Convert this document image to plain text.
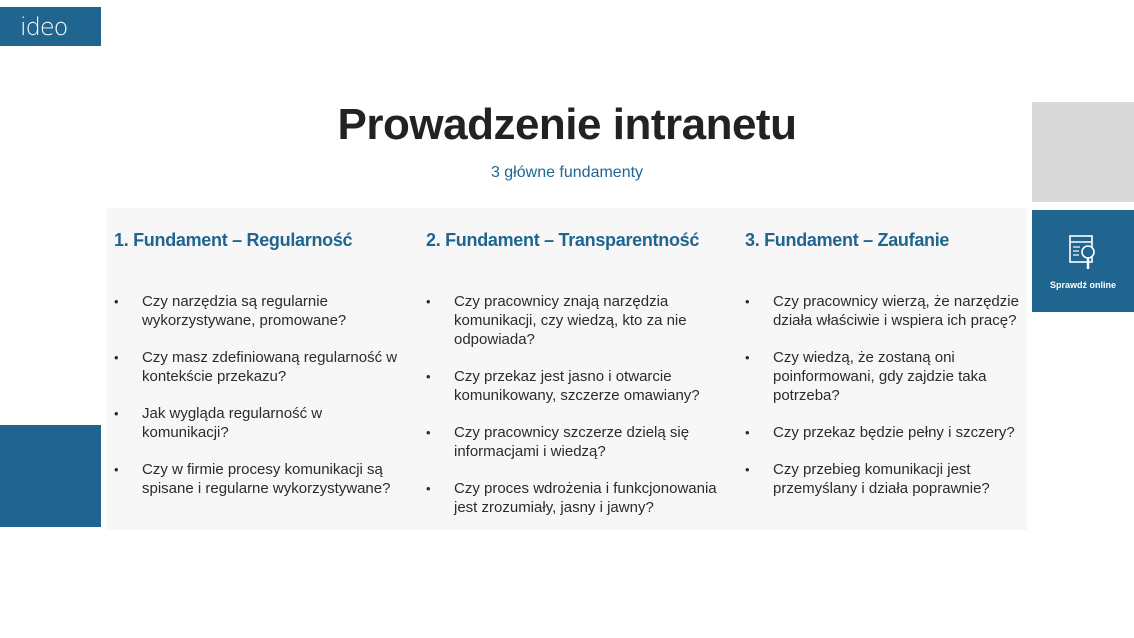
ideo
Sprawdź online
Prowadzenie intranetu
3 główne fundamenty
1. Fundament – Regularność
• Czy narzędzia są regularnie wykorzystywane, promowane?
• Czy masz zdefiniowaną regularność w kontekście przekazu?
• Jak wygląda regularność w komunikacji?
• Czy w firmie procesy komunikacji są spisane i regularne wykorzystywane?
2. Fundament – Transparentność
• Czy pracownicy znają narzędzia komunikacji, czy wiedzą, kto za nie odpowiada?
• Czy przekaz jest jasno i otwarcie komunikowany, szczerze omawiany?
• Czy pracownicy szczerze dzielą się informacjami i wiedzą?
• Czy proces wdrożenia i funkcjonowania jest zrozumiały, jasny i jawny?
3. Fundament – Zaufanie
• Czy pracownicy wierzą, że narzędzie działa właściwie i wspiera ich pracę?
• Czy wiedzą, że zostaną oni poinformowani, gdy zajdzie taka potrzeba?
• Czy przekaz będzie pełny i szczery?
• Czy przebieg komunikacji jest przemyślany i działa poprawnie?
